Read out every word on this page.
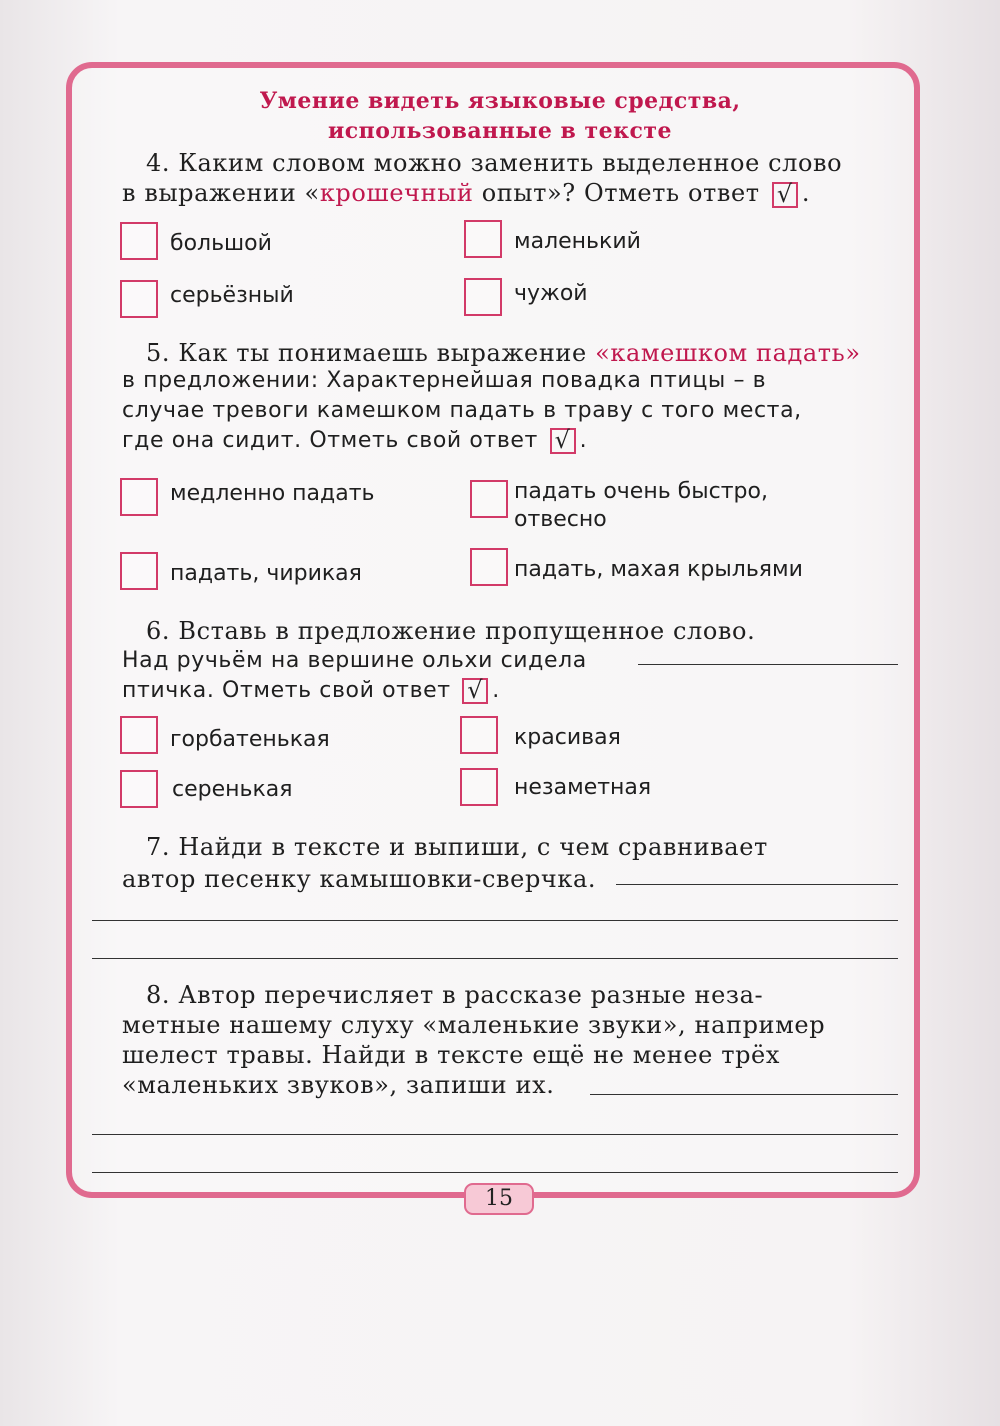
Умение видеть языковые средства,
использованные в тексте
4. Каким словом можно заменить выделенное слово
в выражении «крошечный опыт»? Отметь ответ √ .
большой	маленький
серьёзный	чужой
5. Как ты понимаешь выражение «камешком падать»
в предложении: Характернейшая повадка птицы – в
случае тревоги камешком падать в траву с того места,
где она сидит. Отметь свой ответ √ .
медленно падать	падать очень быстро,
отвесно
падать, чирикая	падать, махая крыльями
6. Вставь в предложение пропущенное слово.
Над ручьём на вершине ольхи сидела
птичка. Отметь свой ответ √ .
горбатенькая	красивая
серенькая	незаметная
7. Найди в тексте и выпиши, с чем сравнивает
автор песенку камышовки-сверчка.
8. Автор перечисляет в рассказе разные неза-
метные нашему слуху «маленькие звуки», например
шелест травы. Найди в тексте ещё не менее трёх
«маленьких звуков», запиши их.
15
